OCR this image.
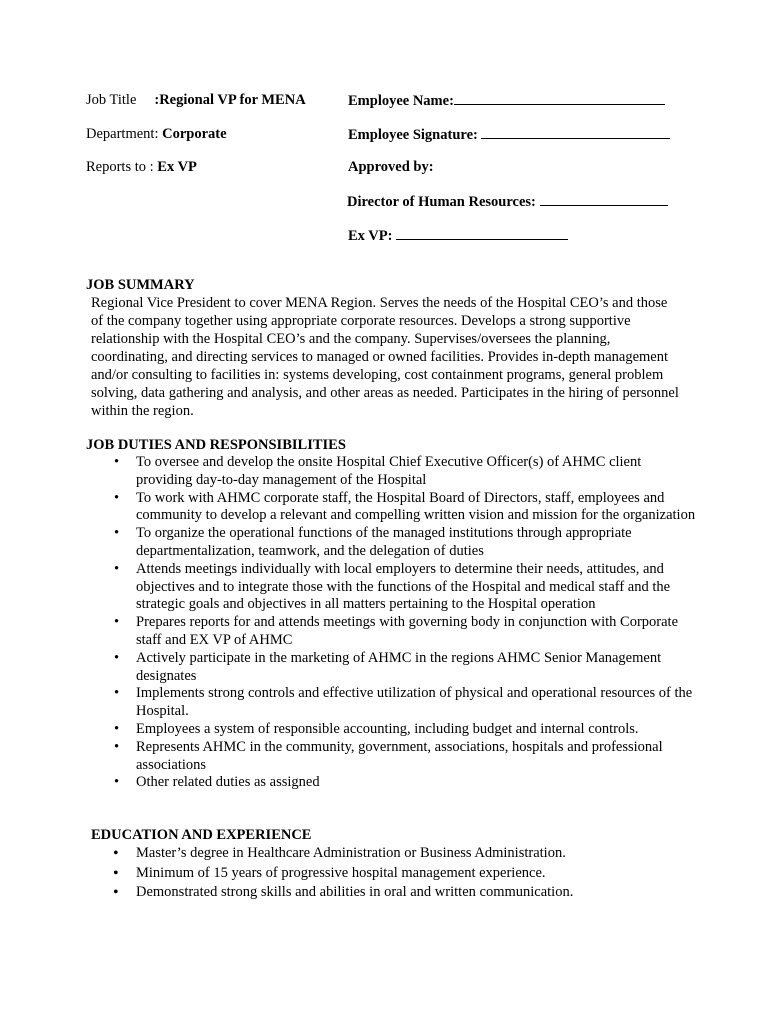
Job Title :Regional VP for MENA
Department: Corporate
Reports to : Ex VP
Employee Name:
Employee Signature:
Approved by:
Director of Human Resources:
Ex VP:
JOB SUMMARY

Regional Vice President to cover MENA Region. Serves the needs of the Hospital CEO’s and those of the company together using appropriate corporate resources. Develops a strong supportive relationship with the Hospital CEO’s and the company. Supervises/oversees the planning, coordinating, and directing services to managed or owned facilities. Provides in-depth management and/or consulting to facilities in: systems developing, cost containment programs, general problem solving, data gathering and analysis, and other areas as needed. Participates in the hiring of personnel within the region.

JOB DUTIES AND RESPONSIBILITIES
• To oversee and develop the onsite Hospital Chief Executive Officer(s) of AHMC client providing day-to-day management of the Hospital
• To work with AHMC corporate staff, the Hospital Board of Directors, staff, employees and community to develop a relevant and compelling written vision and mission for the organization
• To organize the operational functions of the managed institutions through appropriate departmentalization, teamwork, and the delegation of duties
• Attends meetings individually with local employers to determine their needs, attitudes, and objectives and to integrate those with the functions of the Hospital and medical staff and the strategic goals and objectives in all matters pertaining to the Hospital operation
• Prepares reports for and attends meetings with governing body in conjunction with Corporate staff and EX VP of AHMC
• Actively participate in the marketing of AHMC in the regions AHMC Senior Management designates
• Implements strong controls and effective utilization of physical and operational resources of the Hospital.
• Employees a system of responsible accounting, including budget and internal controls.
• Represents AHMC in the community, government, associations, hospitals and professional associations
• Other related duties as assigned
EDUCATION AND EXPERIENCE
• Master’s degree in Healthcare Administration or Business Administration.
• Minimum of 15 years of progressive hospital management experience.
• Demonstrated strong skills and abilities in oral and written communication.
